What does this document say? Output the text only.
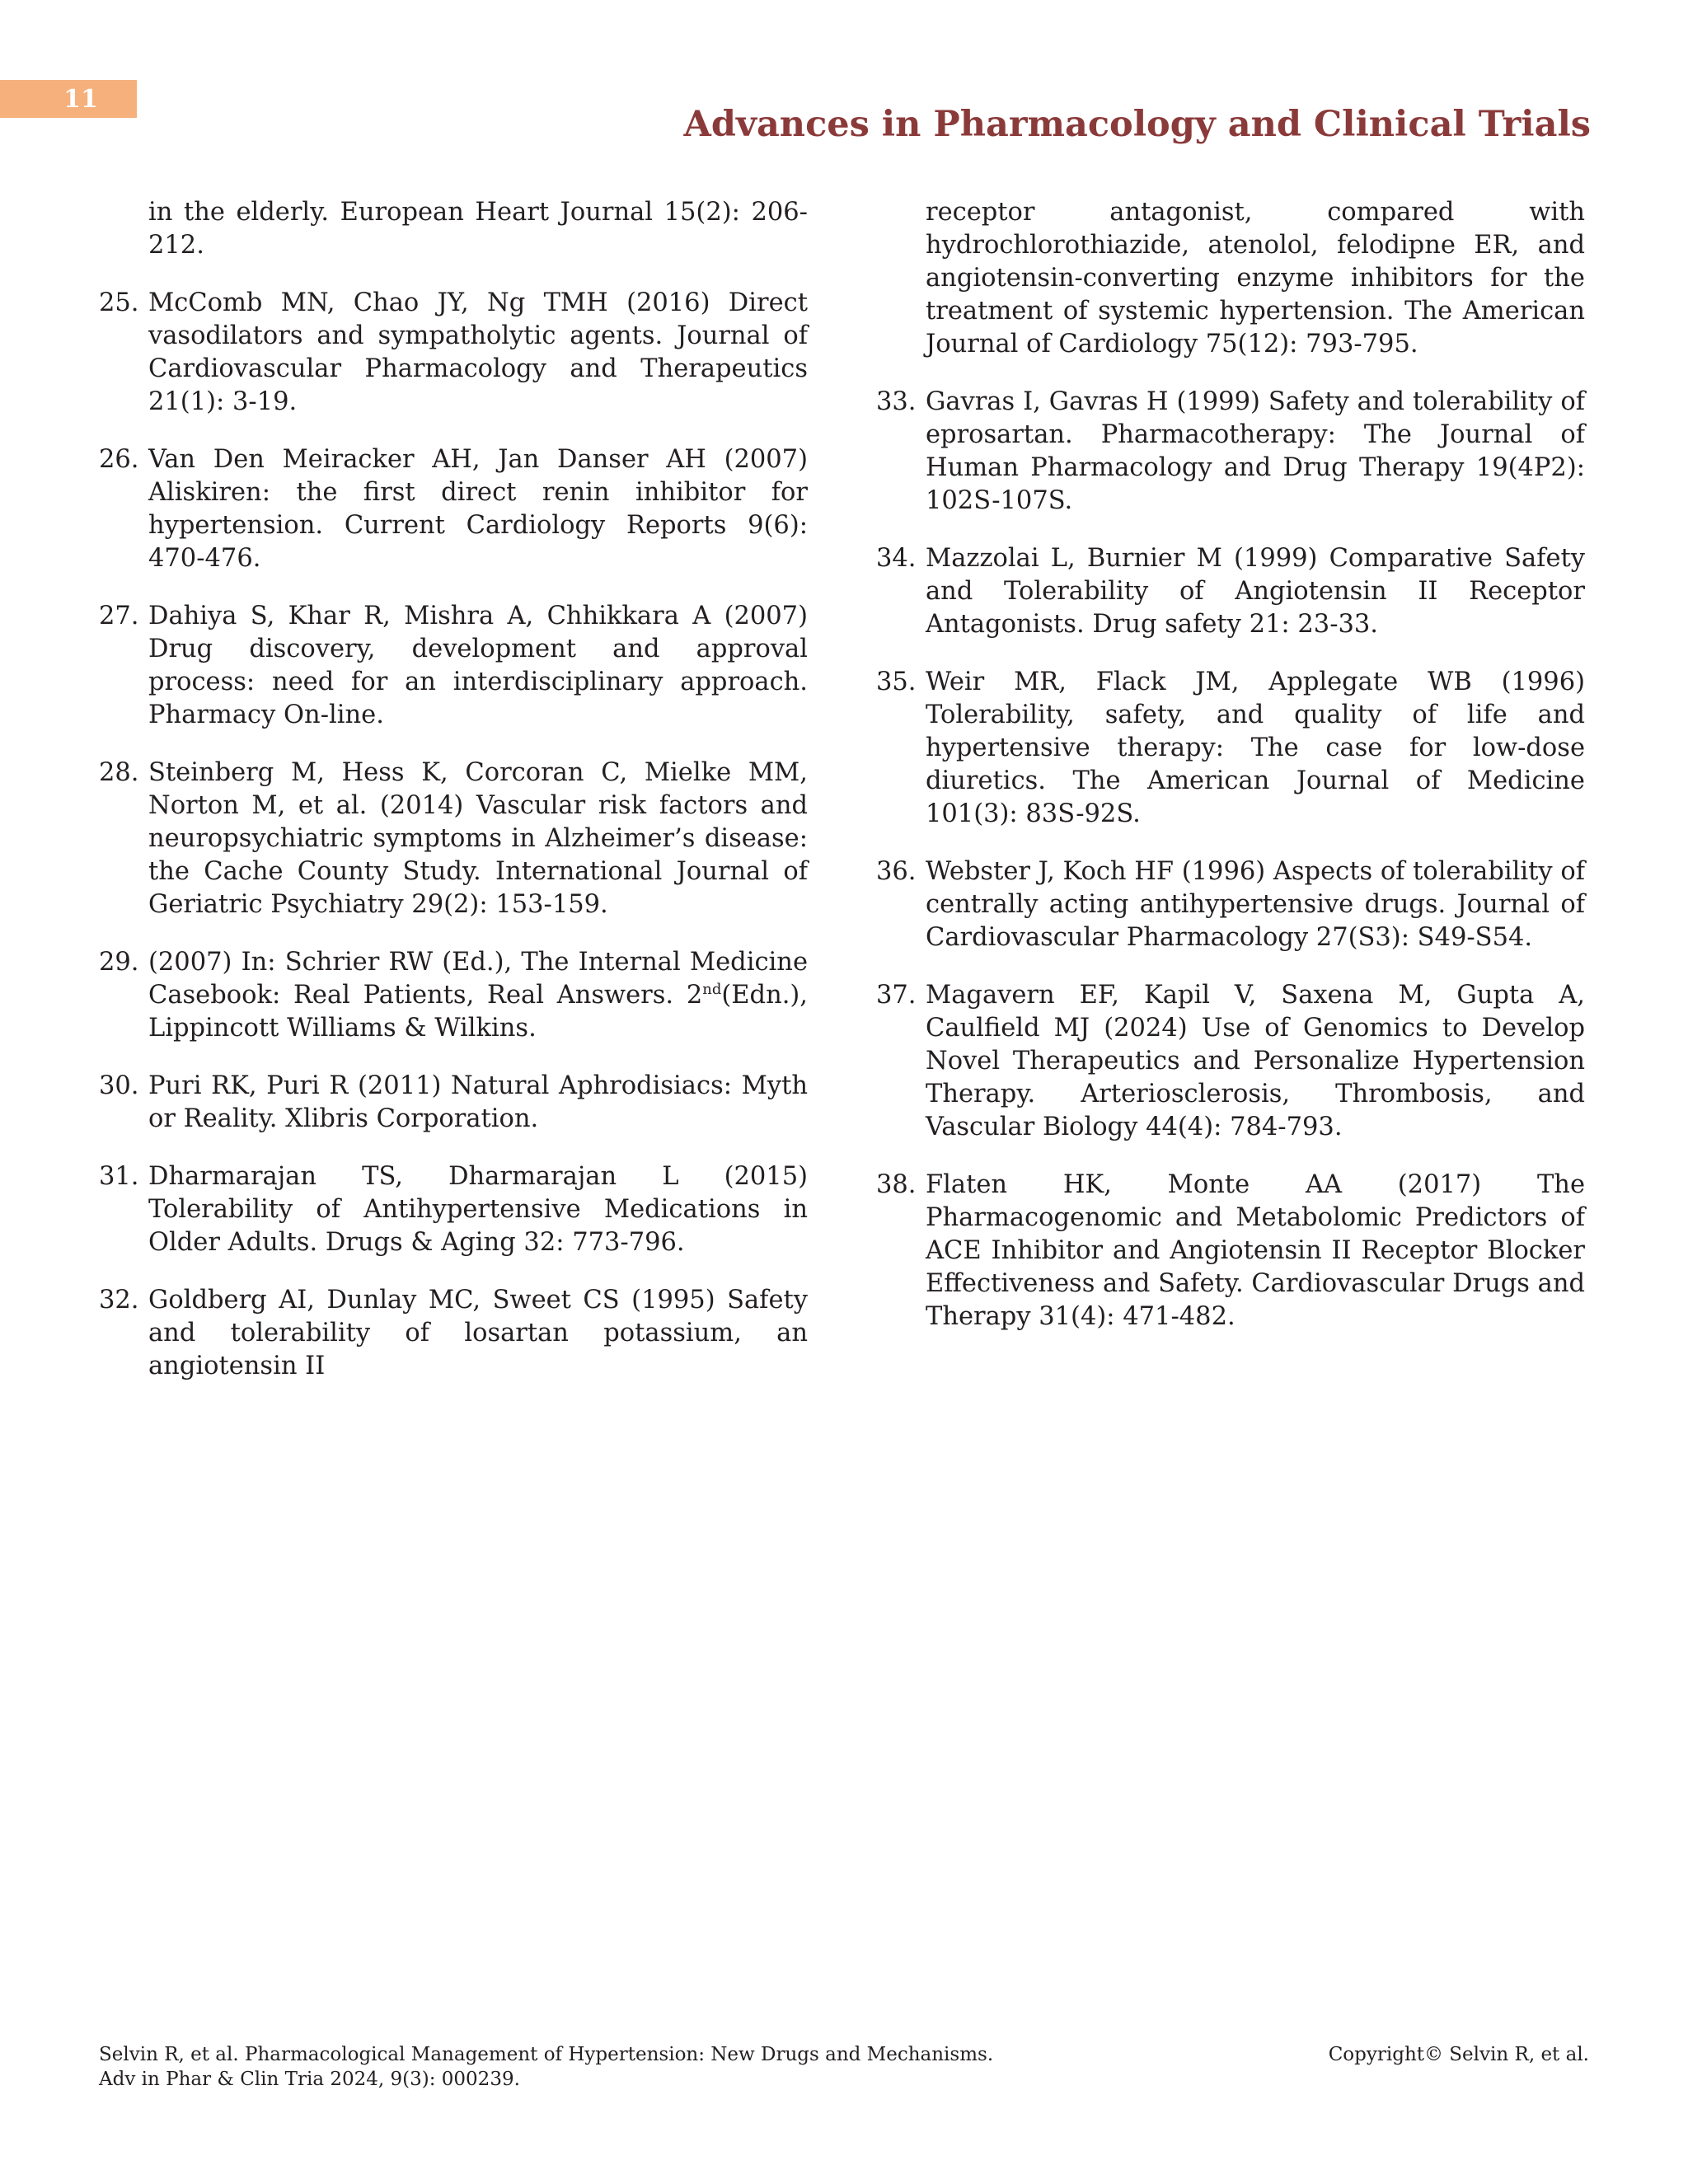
11
Advances in Pharmacology and Clinical Trials
in the elderly. European Heart Journal 15(2): 206-212.
25. McComb MN, Chao JY, Ng TMH (2016) Direct vasodilators and sympatholytic agents. Journal of Cardiovascular Pharmacology and Therapeutics 21(1): 3-19.
26. Van Den Meiracker AH, Jan Danser AH (2007) Aliskiren: the first direct renin inhibitor for hypertension. Current Cardiology Reports 9(6): 470-476.
27. Dahiya S, Khar R, Mishra A, Chhikkara A (2007) Drug discovery, development and approval process: need for an interdisciplinary approach. Pharmacy On-line.
28. Steinberg M, Hess K, Corcoran C, Mielke MM, Norton M, et al. (2014) Vascular risk factors and neuropsychiatric symptoms in Alzheimer’s disease: the Cache County Study. International Journal of Geriatric Psychiatry 29(2): 153-159.
29. (2007) In: Schrier RW (Ed.), The Internal Medicine Casebook: Real Patients, Real Answers. 2nd(Edn.), Lippincott Williams & Wilkins.
30. Puri RK, Puri R (2011) Natural Aphrodisiacs: Myth or Reality. Xlibris Corporation.
31. Dharmarajan TS, Dharmarajan L (2015) Tolerability of Antihypertensive Medications in Older Adults. Drugs & Aging 32: 773-796.
32. Goldberg AI, Dunlay MC, Sweet CS (1995) Safety and tolerability of losartan potassium, an angiotensin II
receptor antagonist, compared with hydrochlorothiazide, atenolol, felodipne ER, and angiotensin-converting enzyme inhibitors for the treatment of systemic hypertension. The American Journal of Cardiology 75(12): 793-795.
33. Gavras I, Gavras H (1999) Safety and tolerability of eprosartan. Pharmacotherapy: The Journal of Human Pharmacology and Drug Therapy 19(4P2): 102S-107S.
34. Mazzolai L, Burnier M (1999) Comparative Safety and Tolerability of Angiotensin II Receptor Antagonists. Drug safety 21: 23-33.
35. Weir MR, Flack JM, Applegate WB (1996) Tolerability, safety, and quality of life and hypertensive therapy: The case for low-dose diuretics. The American Journal of Medicine 101(3): 83S-92S.
36. Webster J, Koch HF (1996) Aspects of tolerability of centrally acting antihypertensive drugs. Journal of Cardiovascular Pharmacology 27(S3): S49-S54.
37. Magavern EF, Kapil V, Saxena M, Gupta A, Caulfield MJ (2024) Use of Genomics to Develop Novel Therapeutics and Personalize Hypertension Therapy. Arteriosclerosis, Thrombosis, and Vascular Biology 44(4): 784-793.
38. Flaten HK, Monte AA (2017) The Pharmacogenomic and Metabolomic Predictors of ACE Inhibitor and Angiotensin II Receptor Blocker Effectiveness and Safety. Cardiovascular Drugs and Therapy 31(4): 471-482.
Selvin R, et al. Pharmacological Management of Hypertension: New Drugs and Mechanisms.
Adv in Phar & Clin Tria 2024, 9(3): 000239.
Copyright© Selvin R, et al.
